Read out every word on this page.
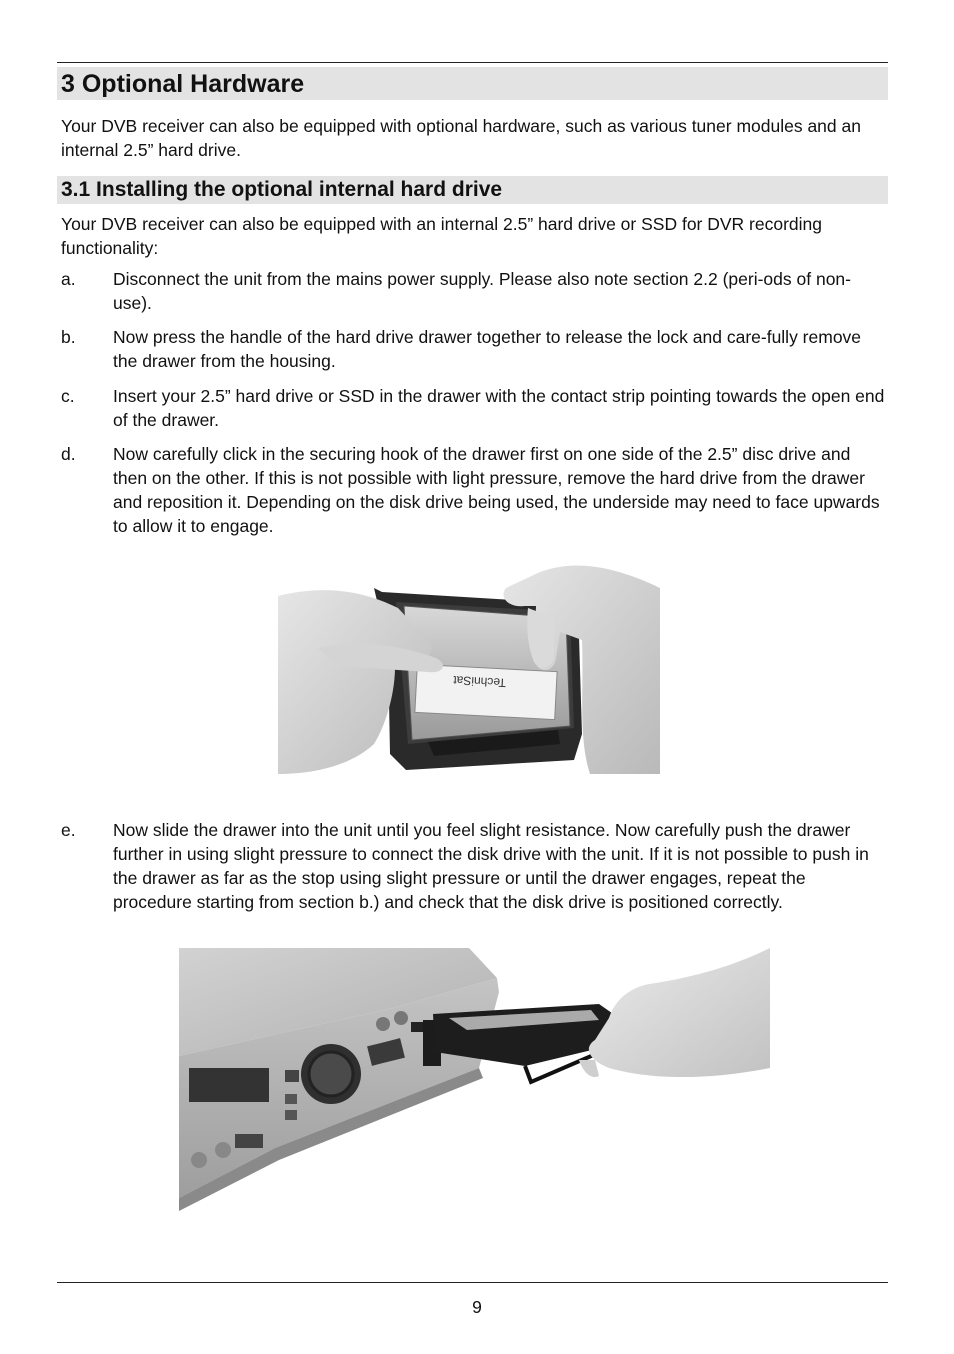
3 Optional Hardware

Your DVB receiver can also be equipped with optional hardware, such as various tuner modules and an internal 2.5” hard drive.

3.1 Installing the optional internal hard drive

Your DVB receiver can also be equipped with an internal 2.5” hard drive or SSD for DVR recording functionality:

a. Disconnect the unit from the mains power supply. Please also note section 2.2 (peri-ods of non-use).
b. Now press the handle of the hard drive drawer together to release the lock and care-fully remove the drawer from the housing.
c. Insert your 2.5” hard drive or SSD in the drawer with the contact strip pointing towards the open end of the drawer.
d. Now carefully click in the securing hook of the drawer first on one side of the 2.5” disc drive and then on the other. If this is not possible with light pressure, remove the hard drive from the drawer and reposition it. Depending on the disk drive being used, the underside may need to face upwards to allow it to engage.
TechniSat
e. Now slide the drawer into the unit until you feel slight resistance. Now carefully push the drawer further in using slight pressure to connect the disk drive with the unit. If it is not possible to push in the drawer as far as the stop using slight pressure or until the drawer engages, repeat the procedure starting from section b.) and check that the disk drive is positioned correctly.
9
